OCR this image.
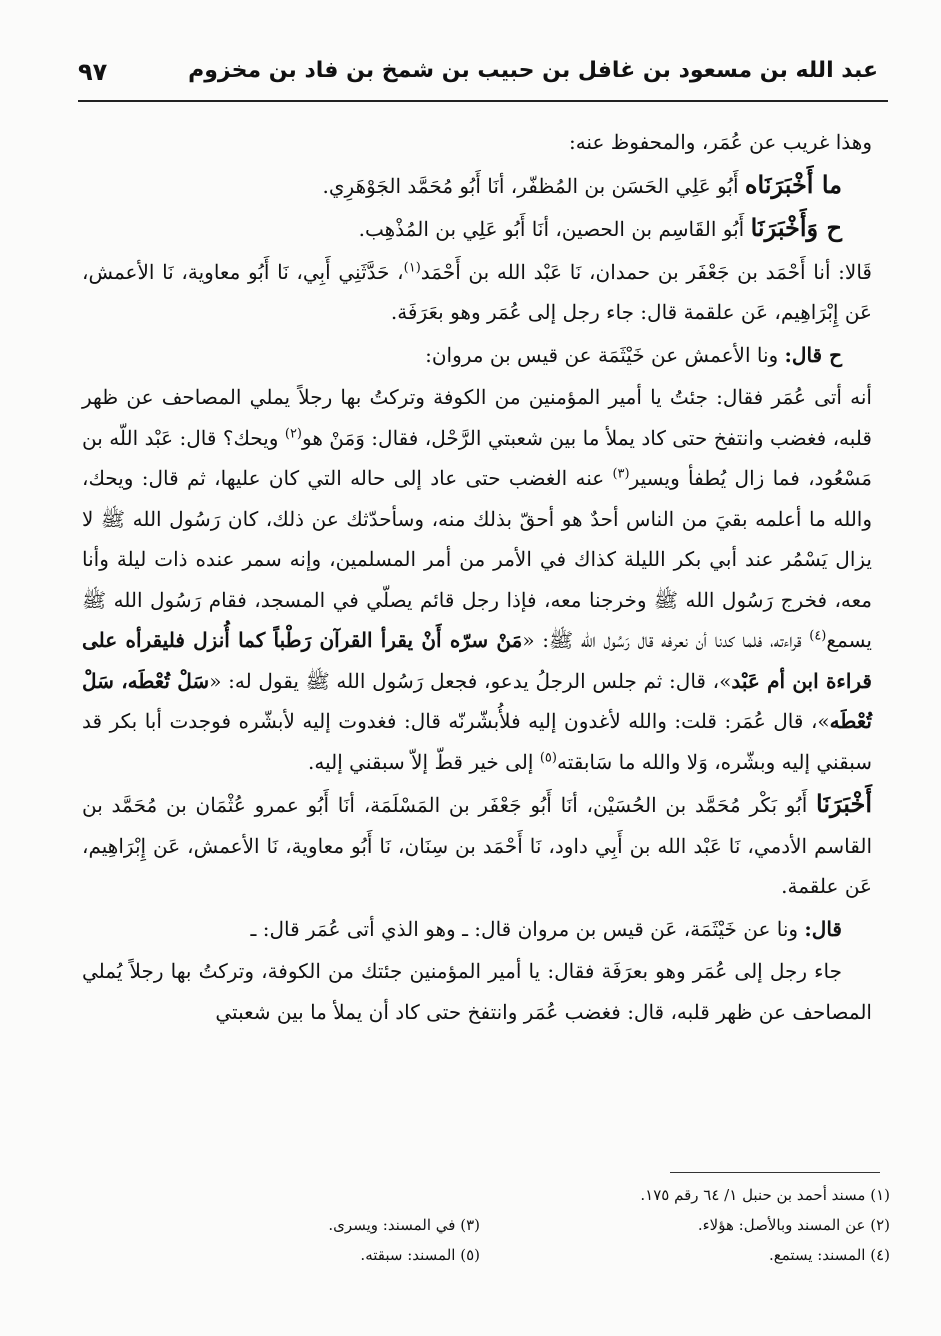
عبد الله بن مسعود بن غافل بن حبيب بن شمخ بن فاد بن مخزوم
٩٧

وهذا غريب عن عُمَر، والمحفوظ عنه:

ما أَخْبَرَنَاه أَبُو عَلِي الحَسَن بن المُظفّر، أنَا أَبُو مُحَمَّد الجَوْهَرِي.

ح وَأَخْبَرَنَا أَبُو القَاسِم بن الحصين، أنَا أَبُو عَلِي بن المُذْهِب.

قَالا: أنا أَحْمَد بن جَعْفَر بن حمدان، نَا عَبْد الله بن أَحْمَد$^{(١)}$، حَدَّثَنِي أَبِي، نَا أَبُو معاوية، نَا الأعمش، عَن إِبْرَاهِيم، عَن علقمة قال: جاء رجل إلى عُمَر وهو بعَرَفَة.

ح قال: ونا الأعمش عن خَيْثَمَة عن قيس بن مروان:

أنه أتى عُمَر فقال: جئتُ يا أمير المؤمنين من الكوفة وتركتُ بها رجلاً يملي المصاحف عن ظهر قلبه، فغضب وانتفخ حتى كاد يملأ ما بين شعبتي الرَّحْل، فقال: وَمَنْ هو$^{(٢)}$ ويحك؟ قال: عَبْد اللّه بن مَسْعُود، فما زال يُطفأ ويسير$^{(٣)}$ عنه الغضب حتى عاد إلى حاله التي كان عليها، ثم قال: ويحك، والله ما أعلمه بقيَ من الناس أحدٌ هو أحقّ بذلك منه، وسأحدّثك عن ذلك، كان رَسُول الله ﷺ لا يزال يَسْمُر عند أبي بكر الليلة كذاك في الأمر من أمر المسلمين، وإنه سمر عنده ذات ليلة وأنا معه، فخرج رَسُول الله ﷺ وخرجنا معه، فإذا رجل قائم يصلّي في المسجد، فقام رَسُول الله ﷺ يسمع$^{(٤)}$ قراءته، فلما كدنا أن نعرفه قال رَسُول الله ﷺ: «مَنْ سرّه أَنْ يقرأ القرآن رَطْباً كما أُنزل فليقرأه على قراءة ابن أم عَبْد»، قال: ثم جلس الرجلُ يدعو، فجعل رَسُول الله ﷺ يقول له: «سَلْ تُعْطَه، سَلْ تُعْطَه»، قال عُمَر: قلت: والله لأغدون إليه فلأُبشّرنّه قال: فغدوت إليه لأبشّره فوجدت أبا بكر قد سبقني إليه وبشّره، وَلا والله ما سَابقته$^{(٥)}$ إلى خير قطّ إلاّ سبقني إليه.

أَخْبَرَنَا أَبُو بَكْر مُحَمَّد بن الحُسَيْن، أنَا أَبُو جَعْفَر بن المَسْلَمَة، أنَا أَبُو عمرو عُثْمَان بن مُحَمَّد بن القاسم الأدمي، نَا عَبْد الله بن أَبِي داود، نَا أَحْمَد بن سِنَان، نَا أَبُو معاوية، نَا الأعمش، عَن إِبْرَاهِيم، عَن علقمة.

قال: ونا عن خَيْثَمَة، عَن قيس بن مروان قال: ـ وهو الذي أتى عُمَر قال: ـ

جاء رجل إلى عُمَر وهو بعرَفَة فقال: يا أمير المؤمنين جئتك من الكوفة، وتركتُ بها رجلاً يُملي المصاحف عن ظهر قلبه، قال: فغضب عُمَر وانتفخ حتى كاد أن يملأ ما بين شعبتي

(١) مسند أحمد بن حنبل ١/ ٦٤ رقم ١٧٥.
(٢) عن المسند وبالأصل: هؤلاء.
(٣) في المسند: ويسرى.
(٤) المسند: يستمع.
(٥) المسند: سبقته.
